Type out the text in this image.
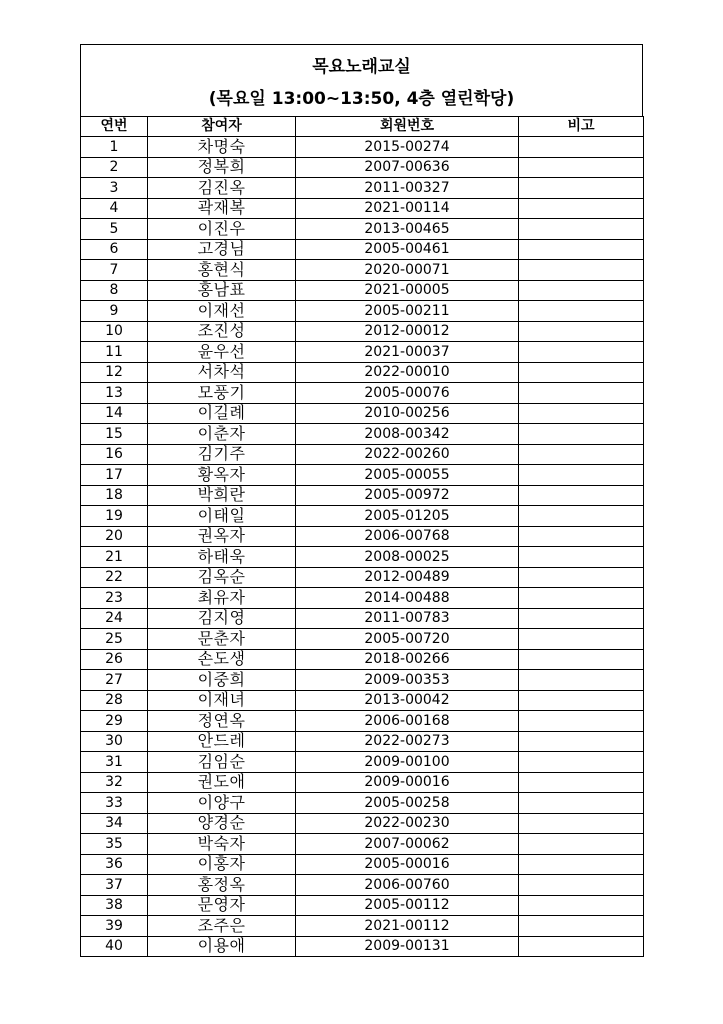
목요노래교실
(목요일 13:00~13:50, 4층 열린학당)
연번	참여자	회원번호	비고
1	차명숙	2015-00274	
2	정복희	2007-00636	
3	김진옥	2011-00327	
4	곽재복	2021-00114	
5	이진우	2013-00465	
6	고경님	2005-00461	
7	홍현식	2020-00071	
8	홍남표	2021-00005	
9	이재선	2005-00211	
10	조진성	2012-00012	
11	윤우선	2021-00037	
12	서차석	2022-00010	
13	모풍기	2005-00076	
14	이길례	2010-00256	
15	이춘자	2008-00342	
16	김기주	2022-00260	
17	황옥자	2005-00055	
18	박희란	2005-00972	
19	이태일	2005-01205	
20	권옥자	2006-00768	
21	하태욱	2008-00025	
22	김옥순	2012-00489	
23	최유자	2014-00488	
24	김지영	2011-00783	
25	문춘자	2005-00720	
26	손도생	2018-00266	
27	이중희	2009-00353	
28	이재녀	2013-00042	
29	정연옥	2006-00168	
30	안드레	2022-00273	
31	김임순	2009-00100	
32	권도애	2009-00016	
33	이양구	2005-00258	
34	양경순	2022-00230	
35	박숙자	2007-00062	
36	이홍자	2005-00016	
37	홍정옥	2006-00760	
38	문영자	2005-00112	
39	조주은	2021-00112	
40	이용애	2009-00131	
